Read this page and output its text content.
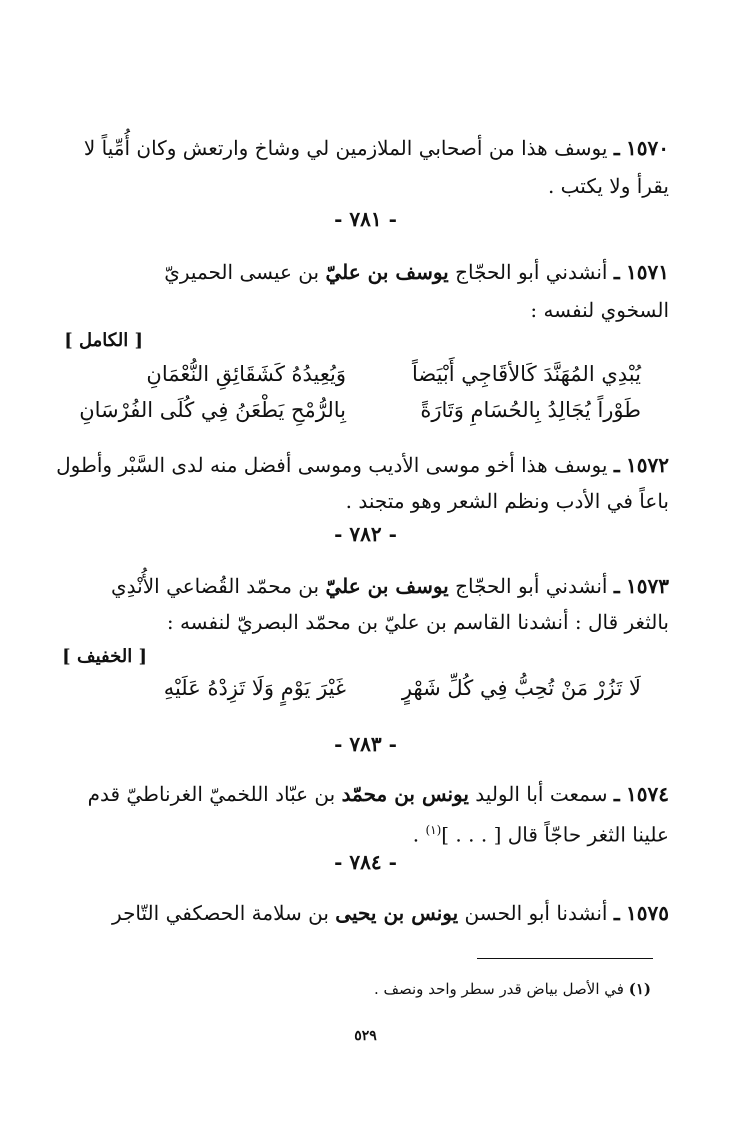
١٥٧٠ ـ يوسف هذا من أصحابي الملازمين لي وشاخ وارتعش وكان أُمِّياً لا
يقرأ ولا يكتب .
- ٧٨١ -
١٥٧١ ـ أنشدني أبو الحجّاج يوسف بن عليّ بن عيسى الحميريّ
السخوي لنفسه :
[ الكامل ]
يُبْدِي المُهَنَّدَ كَالأقَاجِي أَبْيَضاً
وَيُعِيدُهُ كَشَقَائِقِ النُّعْمَانِ
طَوْراً يُجَالِدُ بِالحُسَامِ وَتَارَةً
بِالرُّمْحِ يَطْعَنُ فِي كُلَى الفُرْسَانِ
١٥٧٢ ـ يوسف هذا أخو موسى الأديب وموسى أفضل منه لدى السَّبْر وأطول
باعاً في الأدب ونظم الشعر وهو متجند .
- ٧٨٢ -
١٥٧٣ ـ أنشدني أبو الحجّاج يوسف بن عليّ بن محمّد القُضاعي الأُنْدِي
بالثغر قال : أنشدنا القاسم بن عليّ بن محمّد البصريّ لنفسه :
[ الخفيف ]
لَا تَزُرْ مَنْ تُحِبُّ فِي كُلِّ شَهْرٍ
غَيْرَ يَوْمٍ وَلَا تَزِدْهُ عَلَيْهِ
- ٧٨٣ -
١٥٧٤ ـ سمعت أبا الوليد يونس بن محمّد بن عبّاد اللخميّ الغرناطيّ قدم
علينا الثغر حاجّاً قال [ . . . ]$^{(١)}$ .
- ٧٨٤ -
١٥٧٥ ـ أنشدنا أبو الحسن يونس بن يحيى بن سلامة الحصكفي التّاجر
(١) في الأصل بياض قدر سطر واحد ونصف .
٥٢٩
